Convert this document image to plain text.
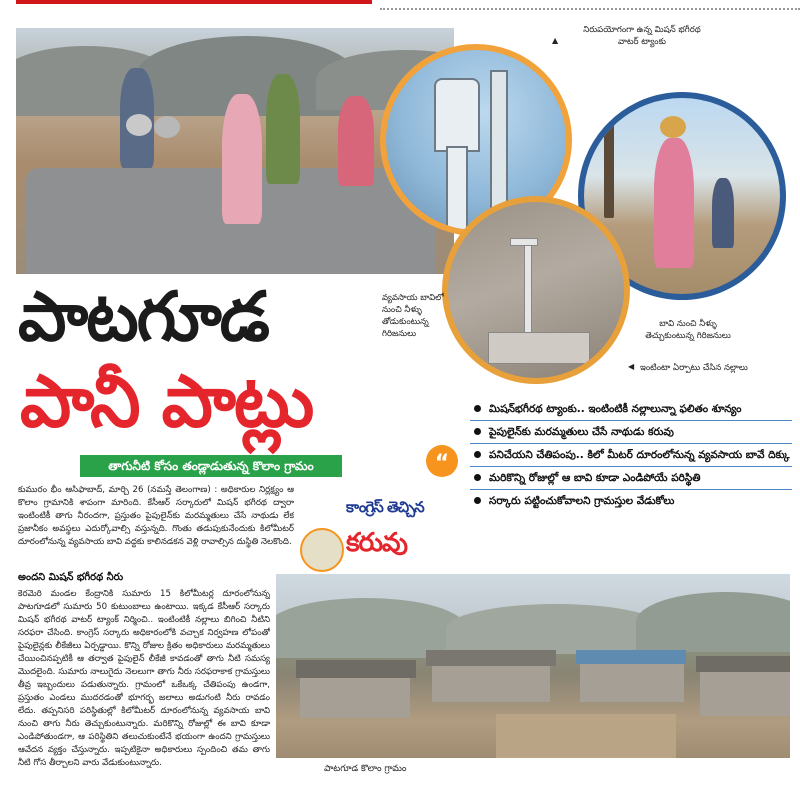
నిరుపయోగంగా ఉన్న మిషన్ భగీరథ
వాటర్ ట్యాంకు
▲
బావి నుంచి నీళ్ళు
తెచ్చుకుంటున్న గిరిజనులు
వ్యవసాయ బావిలో
నుంచి నీళ్ళు
తోడుకుంటున్న
గిరిజనులు
ఇంటింటా ఏర్పాటు చేసిన నల్లాలు
◀
పాటగూడ
పానీ పాట్లు
తాగునీటి కోసం తండ్లాడుతున్న కొలాం గ్రామం	“
మిషన్‌భగీరథ ట్యాంకు.. ఇంటింటికీ నల్లాలున్నా ఫలితం శూన్యం
పైపులైన్‌కు మరమ్మతులు చేసే నాథుడు కరువు
పనిచేయని చేతిపంపు.. కిలో మీటర్ దూరంలోనున్న వ్యవసాయ బావే దిక్కు
మరికొన్ని రోజుల్లో ఆ బావి కూడా ఎండిపోయే పరిస్థితి
సర్కారు పట్టించుకోవాలని గ్రామస్తుల వేడుకోలు
కుమురం భీం ఆసిఫాబాద్, మార్చి 26 (నమస్తే తెలంగాణ) : అధికారుల నిర్లక్ష్యం ఆ కొలాం గ్రామానికి శాపంగా మారింది. కేసీఆర్ సర్కారులో మిషన్ భగీరథ ద్వారా ఇంటింటికీ తాగు నీరందగా, ప్రస్తుతం పైపులైన్‌కు మరమ్మతులు చేసే నాథుడు లేక ప్రజానీకం అవస్థలు ఎదుర్కోవాల్సి వస్తున్నది. గొంతు తడుపుకునేందుకు కిలోమీటర్ దూరంలోనున్న వ్యవసాయ బావి వద్దకు కాలినడకన వెళ్లి రావాల్సిన దుస్థితి నెలకొంది.
అందని మిషన్ భగీరథ నీరు
కెరమెరి మండల కేంద్రానికి సుమారు 15 కిలోమీటర్ల దూరంలోనున్న పాటగూడలో సుమారు 50 కుటుంబాలు ఉంటాయి. ఇక్కడ కేసీఆర్ సర్కారు మిషన్ భగీరథ వాటర్ ట్యాంక్ నిర్మించి.. ఇంటింటికీ నల్లాలు బిగించి నీటిని సరఫరా చేసింది. కాంగ్రెస్ సర్కారు అధికారంలోకి వచ్చాక నిర్వహణ లోపంతో పైపులైన్లకు లీకేజీలు ఏర్పడ్డాయి. కొన్ని రోజుల క్రితం అధికారులు మరమ్మతులు చేయించినప్పటికీ ఆ తర్వాత పైపులైన్ లీకేజీ కావడంతో తాగు నీటి సమస్య మొదలైంది. సుమారు నాలుగైదు నెలలుగా తాగు నీరు సరఫరాకాక గ్రామస్తులు తీవ్ర ఇబ్బందులు పడుతున్నారు. గ్రామంలో ఒకేఒక్క చేతిపంపు ఉండగా, ప్రస్తుతం ఎండలు ముదరడంతో భూగర్భ జలాలు అడుగంటి నీరు రావడం లేదు. తప్పనిసరి పరిస్థితుల్లో కిలోమీటర్ దూరంలోనున్న వ్యవసాయ బావి నుంచి తాగు నీరు తెచ్చుకుంటున్నారు. మరికొన్ని రోజుల్లో ఈ బావి కూడా ఎండిపోతుండగా, ఆ పరిస్థితిని తలుచుకుంటేనే భయంగా ఉందని గ్రామస్తులు ఆవేదన వ్యక్తం చేస్తున్నారు. ఇప్పటికైనా అధికారులు స్పందించి తమ తాగు నీటి గోస తీర్చాలని వారు వేడుకుంటున్నారు.
కాంగ్రెస్ తెచ్చిన
కరువు
పాటగూడ కొలాం గ్రామం
